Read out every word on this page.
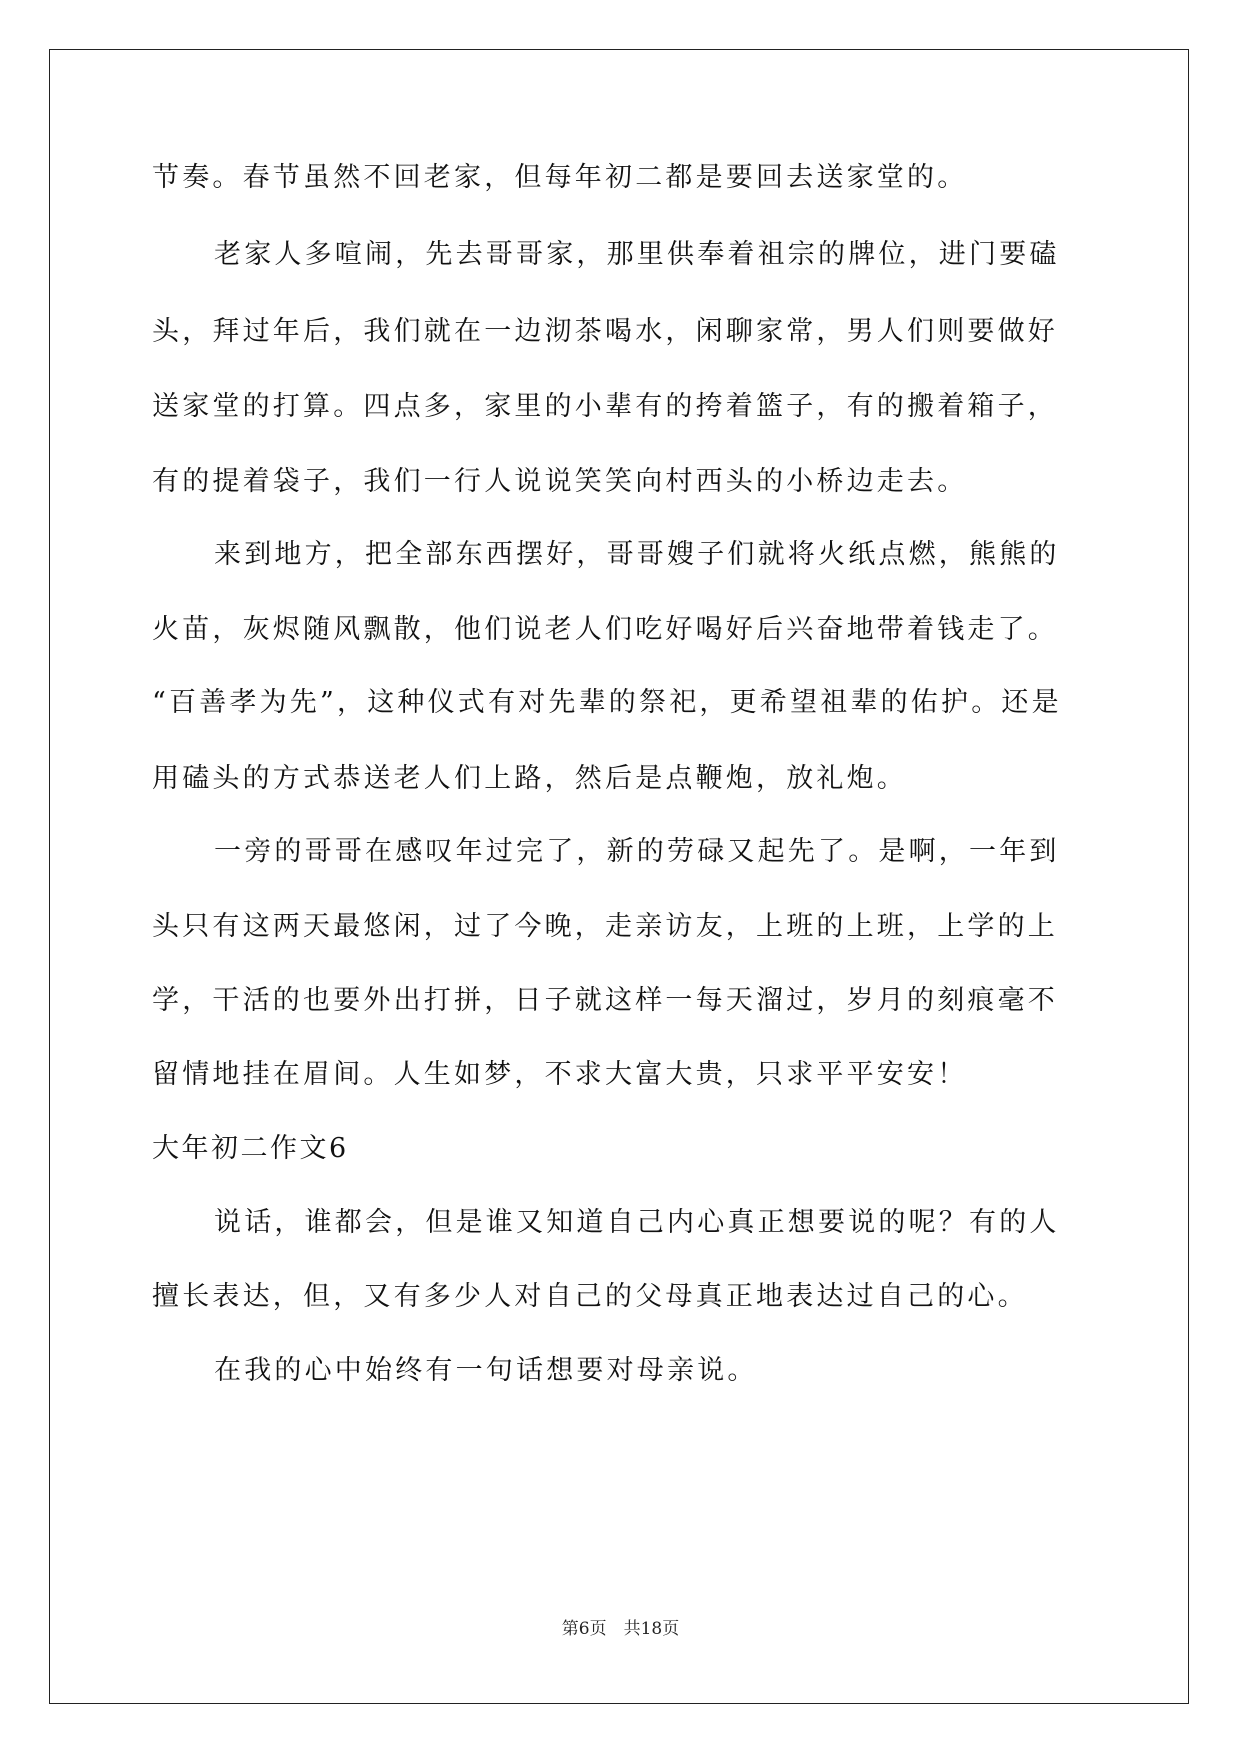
节奏。春节虽然不回老家，但每年初二都是要回去送家堂的。
老家人多喧闹，先去哥哥家，那里供奉着祖宗的牌位，进门要磕
头，拜过年后，我们就在一边沏茶喝水，闲聊家常，男人们则要做好
送家堂的打算。四点多，家里的小辈有的挎着篮子，有的搬着箱子，
有的提着袋子，我们一行人说说笑笑向村西头的小桥边走去。
来到地方，把全部东西摆好，哥哥嫂子们就将火纸点燃，熊熊的
火苗，灰烬随风飘散，他们说老人们吃好喝好后兴奋地带着钱走了。
“百善孝为先”，这种仪式有对先辈的祭祀，更希望祖辈的佑护。还是
用磕头的方式恭送老人们上路，然后是点鞭炮，放礼炮。
一旁的哥哥在感叹年过完了，新的劳碌又起先了。是啊，一年到
头只有这两天最悠闲，过了今晚，走亲访友，上班的上班，上学的上
学，干活的也要外出打拼，日子就这样一每天溜过，岁月的刻痕毫不
留情地挂在眉间。人生如梦，不求大富大贵，只求平平安安！
大年初二作文6
说话，谁都会，但是谁又知道自己内心真正想要说的呢？有的人
擅长表达，但，又有多少人对自己的父母真正地表达过自己的心。
在我的心中始终有一句话想要对母亲说。
第6页　共18页
